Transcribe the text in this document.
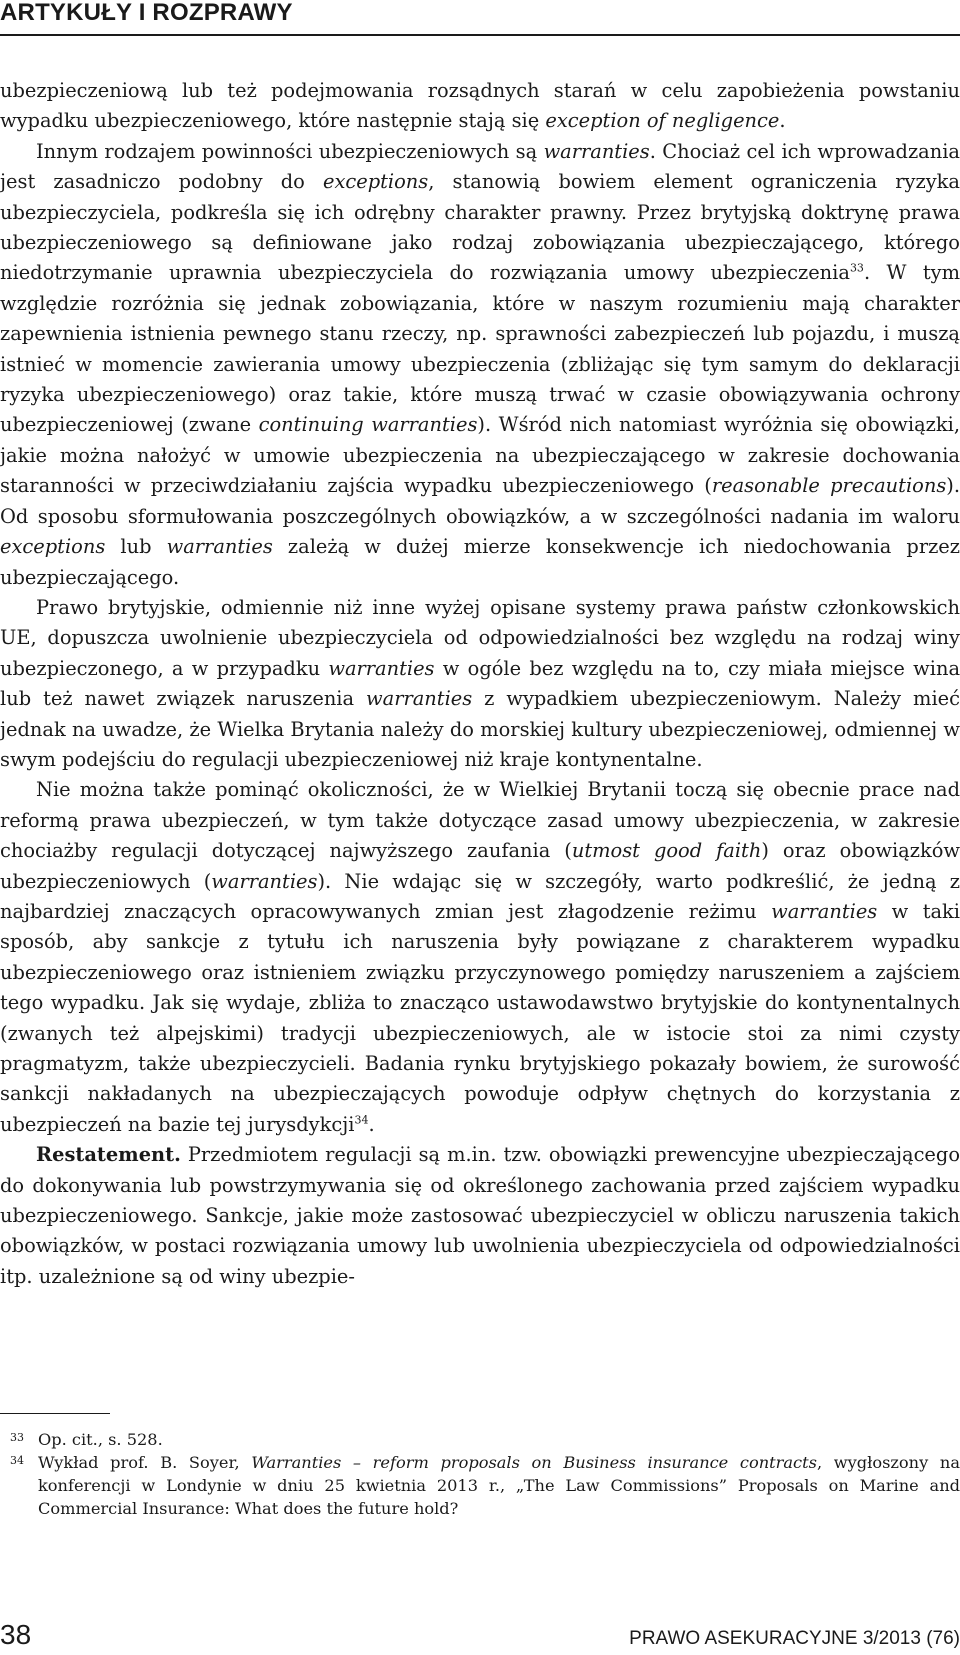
ARTYKUŁY I ROZPRAWY

ubezpieczeniową lub też podejmowania rozsądnych starań w celu zapobieżenia powstaniu wypadku ubezpieczeniowego, które następnie stają się exception of negligence.

Innym rodzajem powinności ubezpieczeniowych są warranties. Chociaż cel ich wprowadzania jest zasadniczo podobny do exceptions, stanowią bowiem element ograniczenia ryzyka ubezpieczyciela, podkreśla się ich odrębny charakter prawny. Przez brytyjską doktrynę prawa ubezpieczeniowego są definiowane jako rodzaj zobowiązania ubezpieczającego, którego niedotrzymanie uprawnia ubezpieczyciela do rozwiązania umowy ubezpieczenia$^{33}$. W tym względzie rozróżnia się jednak zobowiązania, które w naszym rozumieniu mają charakter zapewnienia istnienia pewnego stanu rzeczy, np. sprawności zabezpieczeń lub pojazdu, i muszą istnieć w momencie zawierania umowy ubezpieczenia (zbliżając się tym samym do deklaracji ryzyka ubezpieczeniowego) oraz takie, które muszą trwać w czasie obowiązywania ochrony ubezpieczeniowej (zwane continuing warranties). Wśród nich natomiast wyróżnia się obowiązki, jakie można nałożyć w umowie ubezpieczenia na ubezpieczającego w zakresie dochowania staranności w przeciwdziałaniu zajścia wypadku ubezpieczeniowego (reasonable precautions). Od sposobu sformułowania poszczególnych obowiązków, a w szczególności nadania im waloru exceptions lub warranties zależą w dużej mierze konsekwencje ich niedochowania przez ubezpieczającego.

Prawo brytyjskie, odmiennie niż inne wyżej opisane systemy prawa państw członkowskich UE, dopuszcza uwolnienie ubezpieczyciela od odpowiedzialności bez względu na rodzaj winy ubezpieczonego, a w przypadku warranties w ogóle bez względu na to, czy miała miejsce wina lub też nawet związek naruszenia warranties z wypadkiem ubezpieczeniowym. Należy mieć jednak na uwadze, że Wielka Brytania należy do morskiej kultury ubezpieczeniowej, odmiennej w swym podejściu do regulacji ubezpieczeniowej niż kraje kontynentalne.

Nie można także pominąć okoliczności, że w Wielkiej Brytanii toczą się obecnie prace nad reformą prawa ubezpieczeń, w tym także dotyczące zasad umowy ubezpieczenia, w zakresie chociażby regulacji dotyczącej najwyższego zaufania (utmost good faith) oraz obowiązków ubezpieczeniowych (warranties). Nie wdając się w szczegóły, warto podkreślić, że jedną z najbardziej znaczących opracowywanych zmian jest złagodzenie reżimu warranties w taki sposób, aby sankcje z tytułu ich naruszenia były powiązane z charakterem wypadku ubezpieczeniowego oraz istnieniem związku przyczynowego pomiędzy naruszeniem a zajściem tego wypadku. Jak się wydaje, zbliża to znacząco ustawodawstwo brytyjskie do kontynentalnych (zwanych też alpejskimi) tradycji ubezpieczeniowych, ale w istocie stoi za nimi czysty pragmatyzm, także ubezpieczycieli. Badania rynku brytyjskiego pokazały bowiem, że surowość sankcji nakładanych na ubezpieczających powoduje odpływ chętnych do korzystania z ubezpieczeń na bazie tej jurysdykcji$^{34}$.

Restatement. Przedmiotem regulacji są m.in. tzw. obowiązki prewencyjne ubezpieczającego do dokonywania lub powstrzymywania się od określonego zachowania przed zajściem wypadku ubezpieczeniowego. Sankcje, jakie może zastosować ubezpieczyciel w obliczu naruszenia takich obowiązków, w postaci rozwiązania umowy lub uwolnienia ubezpieczyciela od odpowiedzialności itp. uzależnione są od winy ubezpie-

33 Op. cit., s. 528.
34 Wykład prof. B. Soyer, Warranties – reform proposals on Business insurance contracts, wygłoszony na konferencji w Londynie w dniu 25 kwietnia 2013 r., „The Law Commissions” Proposals on Marine and Commercial Insurance: What does the future hold?
38	PRAWO ASEKURACYJNE 3/2013 (76)
